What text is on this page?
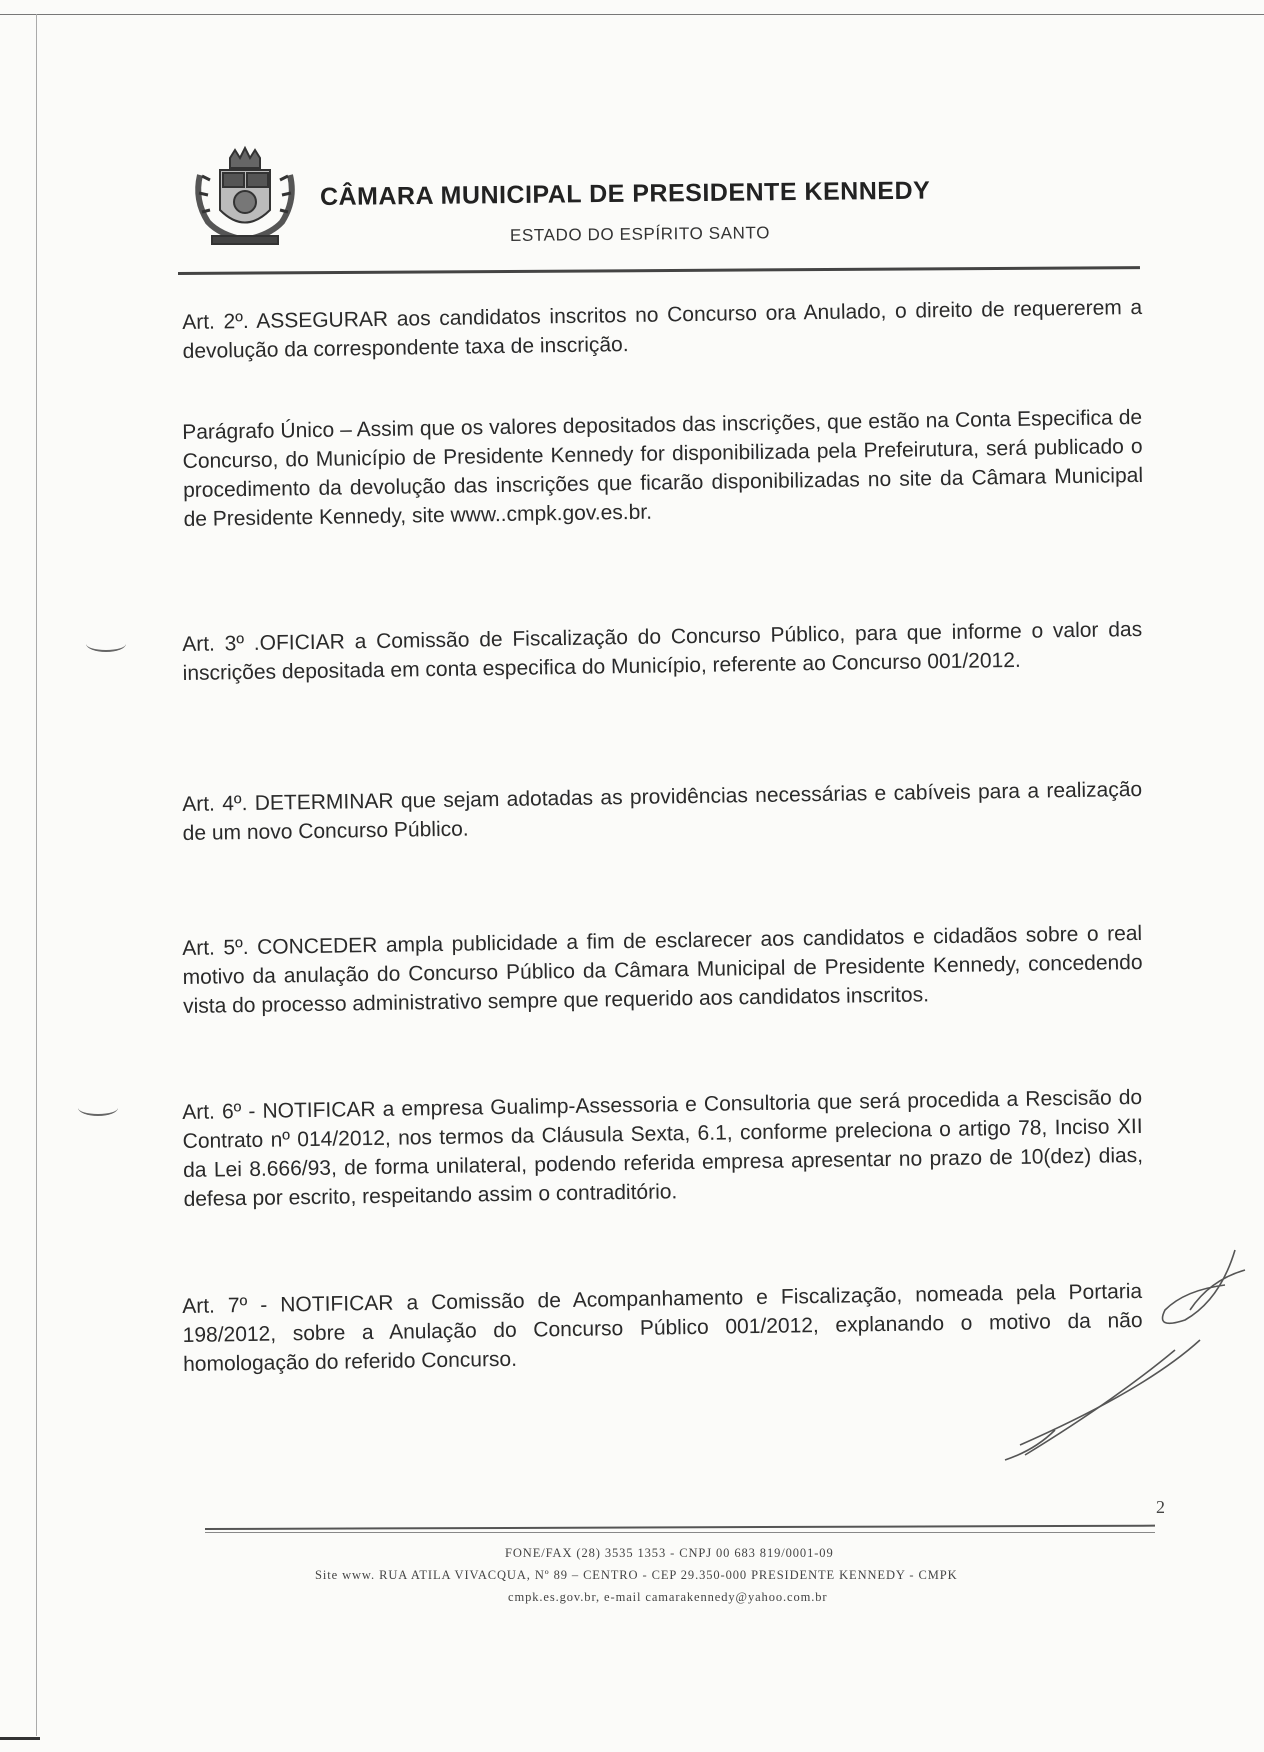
CÂMARA MUNICIPAL DE PRESIDENTE KENNEDY
ESTADO DO ESPÍRITO SANTO

Art. 2º. ASSEGURAR aos candidatos inscritos no Concurso ora Anulado, o direito de requererem a devolução da correspondente taxa de inscrição.

Parágrafo Único – Assim que os valores depositados das inscrições, que estão na Conta Especifica de Concurso, do Município de Presidente Kennedy for disponibilizada pela Prefeirutura, será publicado o procedimento da devolução das inscrições que ficarão disponibilizadas no site da Câmara Municipal de Presidente Kennedy, site www..cmpk.gov.es.br.

Art. 3º .OFICIAR a Comissão de Fiscalização do Concurso Público, para que informe o valor das inscrições depositada em conta especifica do Município, referente ao Concurso 001/2012.

Art. 4º. DETERMINAR que sejam adotadas as providências necessárias e cabíveis para a realização de um novo Concurso Público.

Art. 5º. CONCEDER ampla publicidade a fim de esclarecer aos candidatos e cidadãos sobre o real motivo da anulação do Concurso Público da Câmara Municipal de Presidente Kennedy, concedendo vista do processo administrativo sempre que requerido aos candidatos inscritos.

Art. 6º - NOTIFICAR a empresa Gualimp-Assessoria e Consultoria que será procedida a Rescisão do Contrato nº 014/2012, nos termos da Cláusula Sexta, 6.1, conforme preleciona o artigo 78, Inciso XII da Lei 8.666/93, de forma unilateral, podendo referida empresa apresentar no prazo de 10(dez) dias, defesa por escrito, respeitando assim o contraditório.

Art. 7º - NOTIFICAR a Comissão de Acompanhamento e Fiscalização, nomeada pela Portaria 198/2012, sobre a Anulação do Concurso Público 001/2012, explanando o motivo da não homologação do referido Concurso.

2
FONE/FAX (28) 3535 1353 - CNPJ 00 683 819/0001-09
Site www. RUA ATILA VIVACQUA, Nº 89 – CENTRO - CEP 29.350-000 PRESIDENTE KENNEDY - CMPK
cmpk.es.gov.br, e-mail camarakennedy@yahoo.com.br
